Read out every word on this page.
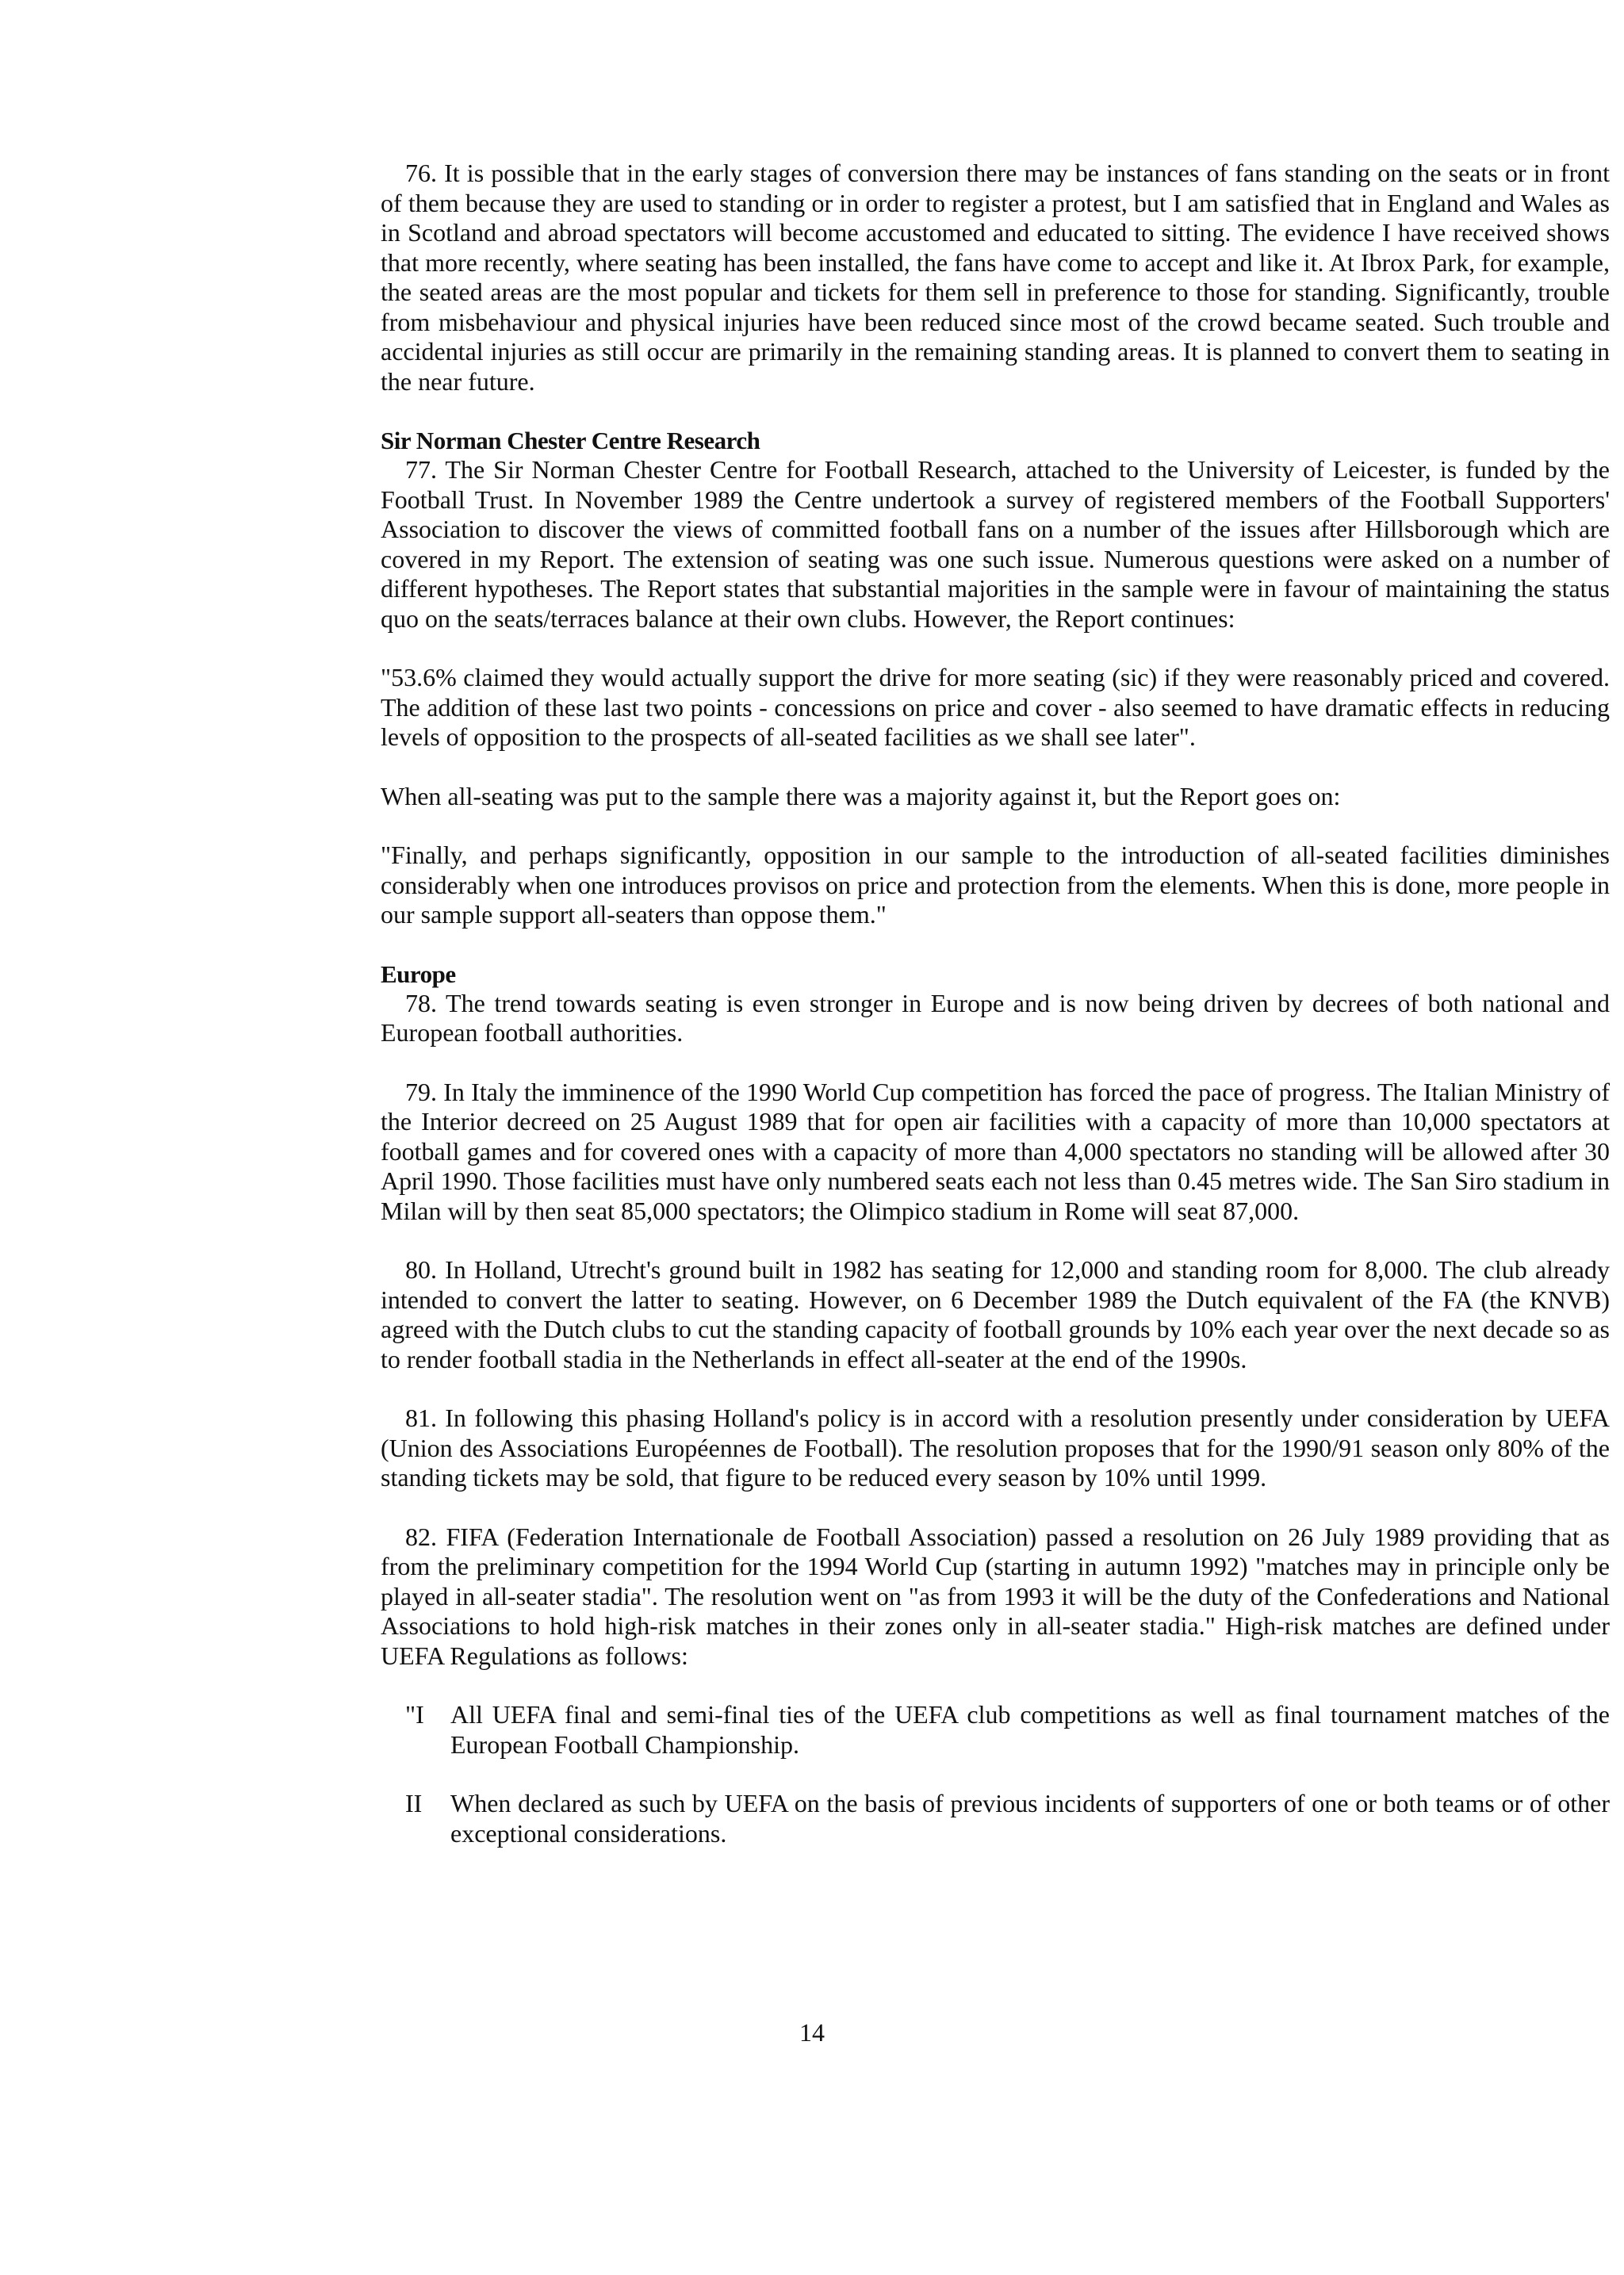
76. It is possible that in the early stages of conversion there may be instances of fans standing on the seats or in front of them because they are used to standing or in order to register a protest, but I am satisfied that in England and Wales as in Scotland and abroad spectators will become accustomed and educated to sitting. The evidence I have received shows that more recently, where seating has been installed, the fans have come to accept and like it. At Ibrox Park, for example, the seated areas are the most popular and tickets for them sell in preference to those for standing. Significantly, trouble from misbehaviour and physical injuries have been reduced since most of the crowd became seated. Such trouble and accidental injuries as still occur are primarily in the remaining standing areas. It is planned to convert them to seating in the near future.

Sir Norman Chester Centre Research

77. The Sir Norman Chester Centre for Football Research, attached to the University of Leicester, is funded by the Football Trust. In November 1989 the Centre undertook a survey of registered members of the Football Supporters' Association to discover the views of committed football fans on a number of the issues after Hillsborough which are covered in my Report. The extension of seating was one such issue. Numerous questions were asked on a number of different hypotheses. The Report states that substantial majorities in the sample were in favour of maintaining the status quo on the seats/terraces balance at their own clubs. However, the Report continues:

"53.6% claimed they would actually support the drive for more seating (sic) if they were reasonably priced and covered. The addition of these last two points - concessions on price and cover - also seemed to have dramatic effects in reducing levels of opposition to the prospects of all-seated facilities as we shall see later".

When all-seating was put to the sample there was a majority against it, but the Report goes on:

"Finally, and perhaps significantly, opposition in our sample to the introduction of all-seated facilities diminishes considerably when one introduces provisos on price and protection from the elements. When this is done, more people in our sample support all-seaters than oppose them."

Europe

78. The trend towards seating is even stronger in Europe and is now being driven by decrees of both national and European football authorities.

79. In Italy the imminence of the 1990 World Cup competition has forced the pace of progress. The Italian Ministry of the Interior decreed on 25 August 1989 that for open air facilities with a capacity of more than 10,000 spectators at football games and for covered ones with a capacity of more than 4,000 spectators no standing will be allowed after 30 April 1990. Those facilities must have only numbered seats each not less than 0.45 metres wide. The San Siro stadium in Milan will by then seat 85,000 spectators; the Olimpico stadium in Rome will seat 87,000.

80. In Holland, Utrecht's ground built in 1982 has seating for 12,000 and standing room for 8,000. The club already intended to convert the latter to seating. However, on 6 December 1989 the Dutch equivalent of the FA (the KNVB) agreed with the Dutch clubs to cut the standing capacity of football grounds by 10% each year over the next decade so as to render football stadia in the Netherlands in effect all-seater at the end of the 1990s.

81. In following this phasing Holland's policy is in accord with a resolution presently under consideration by UEFA (Union des Associations Européennes de Football). The resolution proposes that for the 1990/91 season only 80% of the standing tickets may be sold, that figure to be reduced every season by 10% until 1999.

82. FIFA (Federation Internationale de Football Association) passed a resolution on 26 July 1989 providing that as from the preliminary competition for the 1994 World Cup (starting in autumn 1992) "matches may in principle only be played in all-seater stadia". The resolution went on "as from 1993 it will be the duty of the Confederations and National Associations to hold high-risk matches in their zones only in all-seater stadia." High-risk matches are defined under UEFA Regulations as follows:

"I	All UEFA final and semi-final ties of the UEFA club competitions as well as final tournament matches of the European Football Championship.
II	When declared as such by UEFA on the basis of previous incidents of supporters of one or both teams or of other exceptional considerations.
14
